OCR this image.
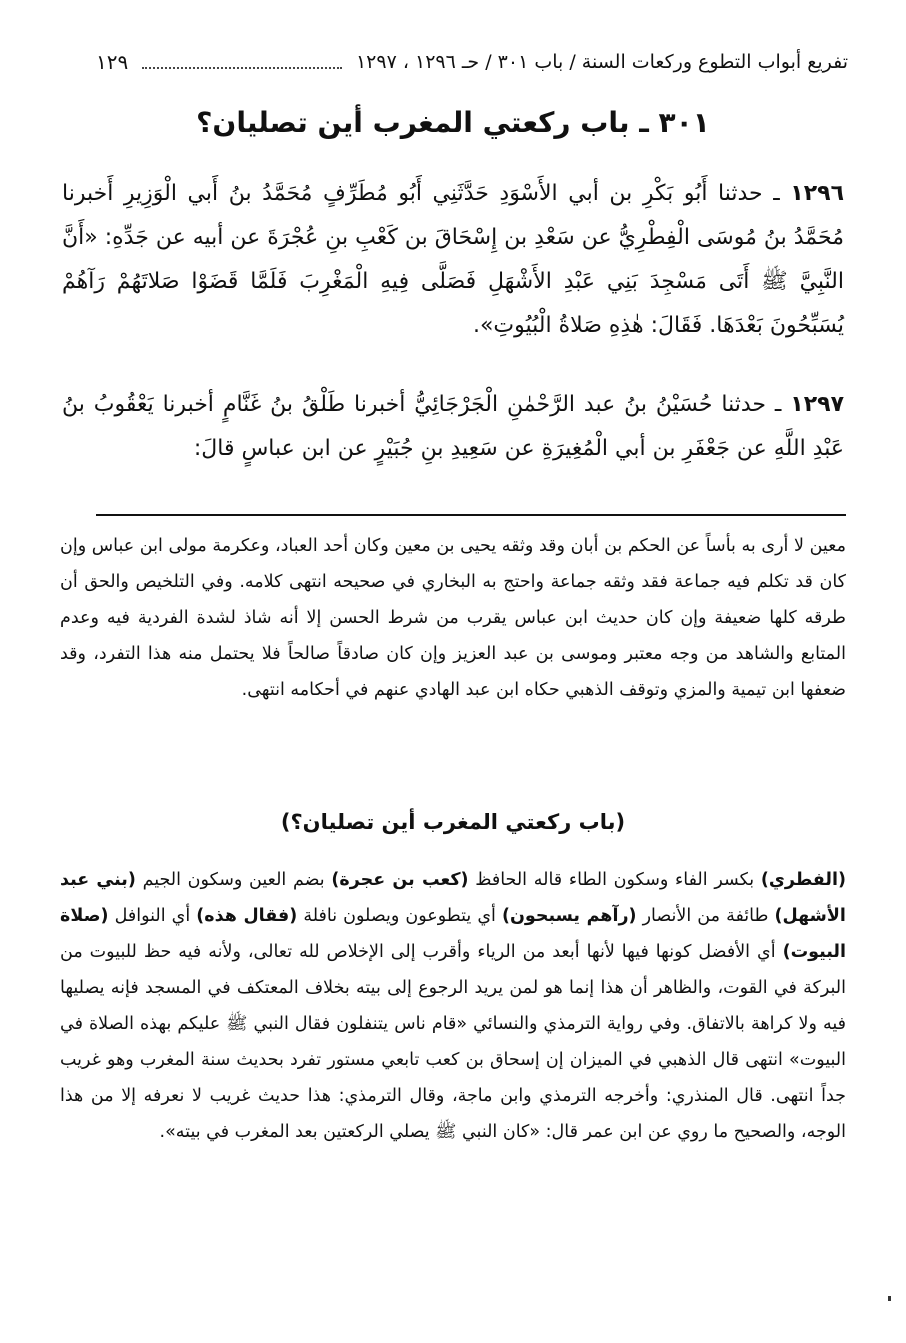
تفريع أبواب التطوع وركعات السنة / باب ٣٠١ / حـ ١٢٩٦ ، ١٢٩٧
١٢٩
٣٠١ ـ باب ركعتي المغرب أين تصليان؟
١٢٩٦ ـ حدثنا أَبُو بَكْرِ بن أبي الأَسْوَدِ حَدَّثَنِي أَبُو مُطَرِّفٍ مُحَمَّدُ بنُ أَبي الْوَزِيرِ أَخبرنا مُحَمَّدُ بنُ مُوسَى الْفِطْرِيُّ عن سَعْدِ بن إِسْحَاقَ بن كَعْبِ بنِ عُجْرَةَ عن أبيه عن جَدِّهِ: «أَنَّ النَّبِيَّ ﷺ أَتَى مَسْجِدَ بَنِي عَبْدِ الأَشْهَلِ فَصَلَّى فِيهِ الْمَغْرِبَ فَلَمَّا قَضَوْا صَلاتَهُمْ رَآهُمْ يُسَبِّحُونَ بَعْدَهَا. فَقَالَ: هٰذِهِ صَلاةُ الْبُيُوتِ».
١٢٩٧ ـ حدثنا حُسَيْنُ بنُ عبد الرَّحْمٰنِ الْجَرْجَائِيُّ أخبرنا طَلْقُ بنُ غَنَّامٍ أخبرنا يَعْقُوبُ بنُ عَبْدِ اللَّهِ عن جَعْفَرِ بن أبي الْمُغِيرَةِ عن سَعِيدِ بنِ جُبَيْرٍ عن ابن عباسٍ قالَ:
معين لا أرى به بأساً عن الحكم بن أبان وقد وثقه يحيى بن معين وكان أحد العباد، وعكرمة مولى ابن عباس وإن كان قد تكلم فيه جماعة فقد وثقه جماعة واحتج به البخاري في صحيحه انتهى كلامه. وفي التلخيص والحق أن طرقه كلها ضعيفة وإن كان حديث ابن عباس يقرب من شرط الحسن إلا أنه شاذ لشدة الفردية فيه وعدم المتابع والشاهد من وجه معتبر وموسى بن عبد العزيز وإن كان صادقاً صالحاً فلا يحتمل منه هذا التفرد، وقد ضعفها ابن تيمية والمزي وتوقف الذهبي حكاه ابن عبد الهادي عنهم في أحكامه انتهى.
(باب ركعتي المغرب أين تصليان؟)
(الفطري) بكسر الفاء وسكون الطاء قاله الحافظ (كعب بن عجرة) بضم العين وسكون الجيم (بني عبد الأشهل) طائفة من الأنصار (رآهم يسبحون) أي يتطوعون ويصلون نافلة (فقال هذه) أي النوافل (صلاة البيوت) أي الأفضل كونها فيها لأنها أبعد من الرياء وأقرب إلى الإخلاص لله تعالى، ولأنه فيه حظ للبيوت من البركة في القوت، والظاهر أن هذا إنما هو لمن يريد الرجوع إلى بيته بخلاف المعتكف في المسجد فإنه يصليها فيه ولا كراهة بالاتفاق. وفي رواية الترمذي والنسائي «قام ناس يتنفلون فقال النبي ﷺ عليكم بهذه الصلاة في البيوت» انتهى قال الذهبي في الميزان إن إسحاق بن كعب تابعي مستور تفرد بحديث سنة المغرب وهو غريب جداً انتهى. قال المنذري: وأخرجه الترمذي وابن ماجة، وقال الترمذي: هذا حديث غريب لا نعرفه إلا من هذا الوجه، والصحيح ما روي عن ابن عمر قال: «كان النبي ﷺ يصلي الركعتين بعد المغرب في بيته».
